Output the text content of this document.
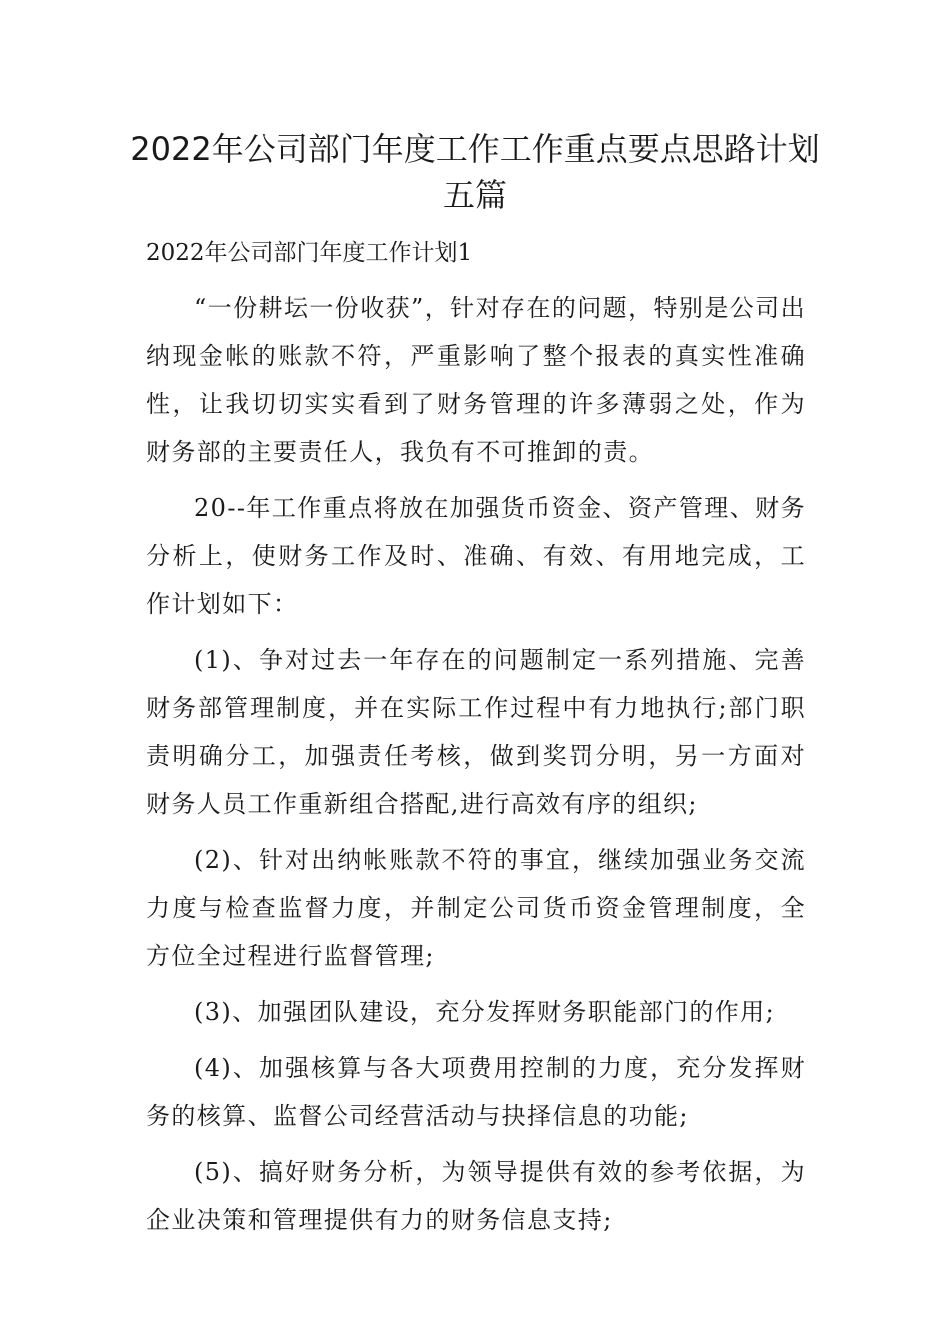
2022年公司部门年度工作工作重点要点思路计划五篇
2022年公司部门年度工作计划1

“一份耕坛一份收获”，针对存在的问题，特别是公司出纳现金帐的账款不符，严重影响了整个报表的真实性准确性，让我切切实实看到了财务管理的许多薄弱之处，作为财务部的主要责任人，我负有不可推卸的责。

20--年工作重点将放在加强货币资金、资产管理、财务分析上，使财务工作及时、准确、有效、有用地完成，工作计划如下：

(1)、争对过去一年存在的问题制定一系列措施、完善财务部管理制度，并在实际工作过程中有力地执行;部门职责明确分工，加强责任考核，做到奖罚分明，另一方面对财务人员工作重新组合搭配,进行高效有序的组织;

(2)、针对出纳帐账款不符的事宜，继续加强业务交流力度与检查监督力度，并制定公司货币资金管理制度，全方位全过程进行监督管理;

(3)、加强团队建设，充分发挥财务职能部门的作用;

(4)、加强核算与各大项费用控制的力度，充分发挥财务的核算、监督公司经营活动与抉择信息的功能;

(5)、搞好财务分析，为领导提供有效的参考依据，为企业决策和管理提供有力的财务信息支持;
